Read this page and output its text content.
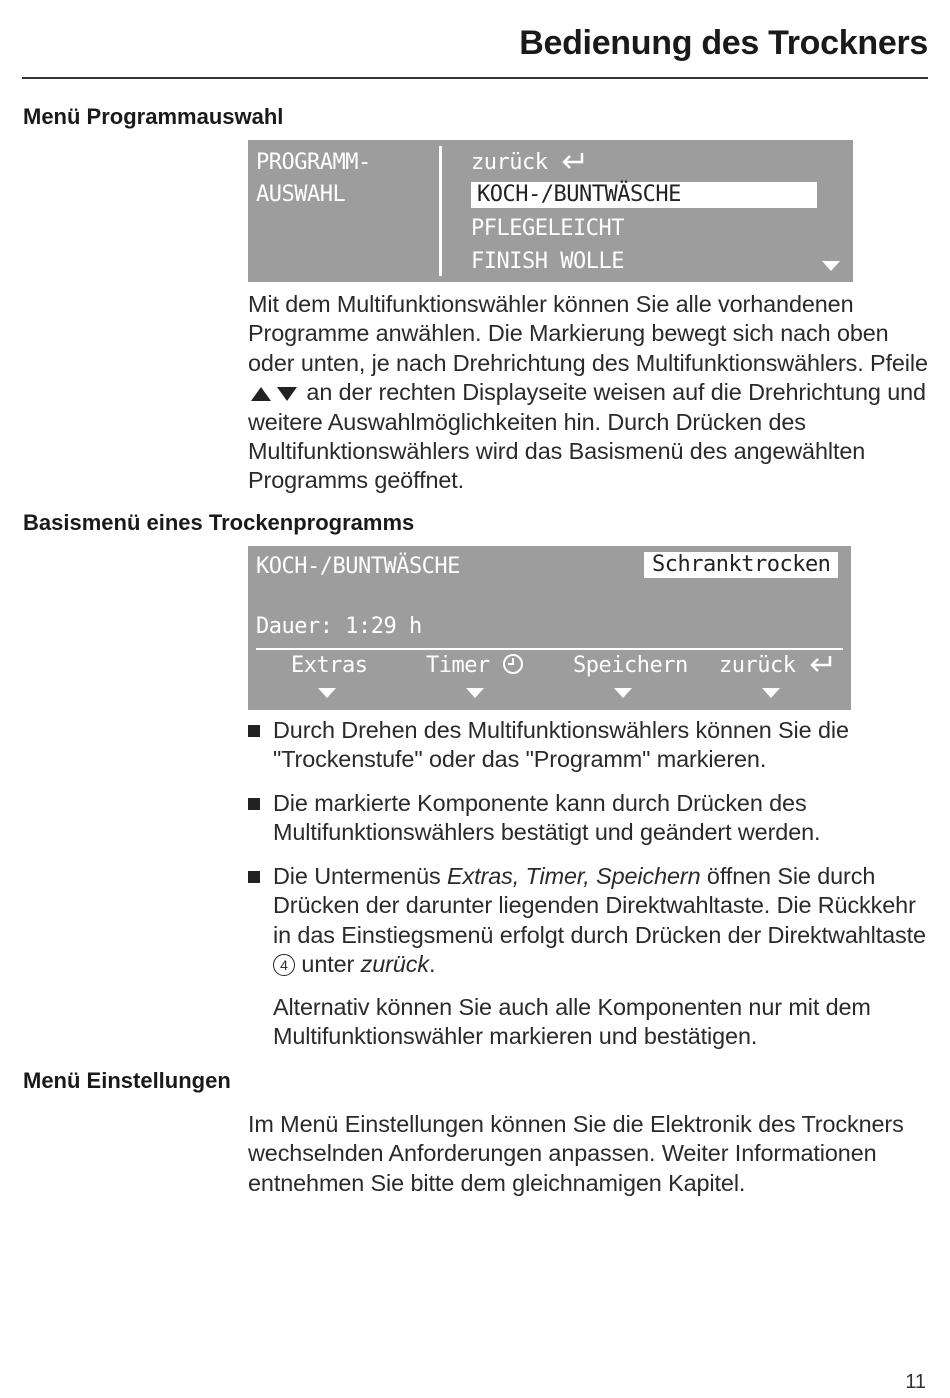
Bedienung des Trockners
Menü Programmauswahl
PROGRAMM-
AUSWAHL
zurück
KOCH-/BUNTWÄSCHE
PFLEGELEICHT
FINISH WOLLE

Mit dem Multifunktionswähler können Sie alle vorhandenen Programme anwählen. Die Markierung bewegt sich nach oben oder unten, je nach Drehrichtung des Multifunktionswählers. Pfeile  an der rechten Displayseite weisen auf die Drehrichtung und weitere Auswahlmöglichkeiten hin. Durch Drücken des Multifunktionswählers wird das Basismenü des angewählten Programms geöffnet.

Basismenü eines Trockenprogramms
KOCH-/BUNTWÄSCHE	Schranktrocken
Dauer: 1:29 h
Extras	Timer	Speichern zurück
Durch Drehen des Multifunktionswählers können Sie die "Trockenstufe" oder das "Programm" markieren.
Die markierte Komponente kann durch Drücken des Multifunktionswählers bestätigt und geändert werden.
Die Untermenüs Extras, Timer, Speichern öffnen Sie durch Drücken der darunter liegenden Direktwahltaste. Die Rückkehr in das Einstiegsmenü erfolgt durch Drücken der Direktwahltaste 4 unter zurück.
Alternativ können Sie auch alle Komponenten nur mit dem Multifunktionswähler markieren und bestätigen.
Menü Einstellungen

Im Menü Einstellungen können Sie die Elektronik des Trockners wechselnden Anforderungen anpassen. Weiter Informationen entnehmen Sie bitte dem gleichnamigen Kapitel.

11
